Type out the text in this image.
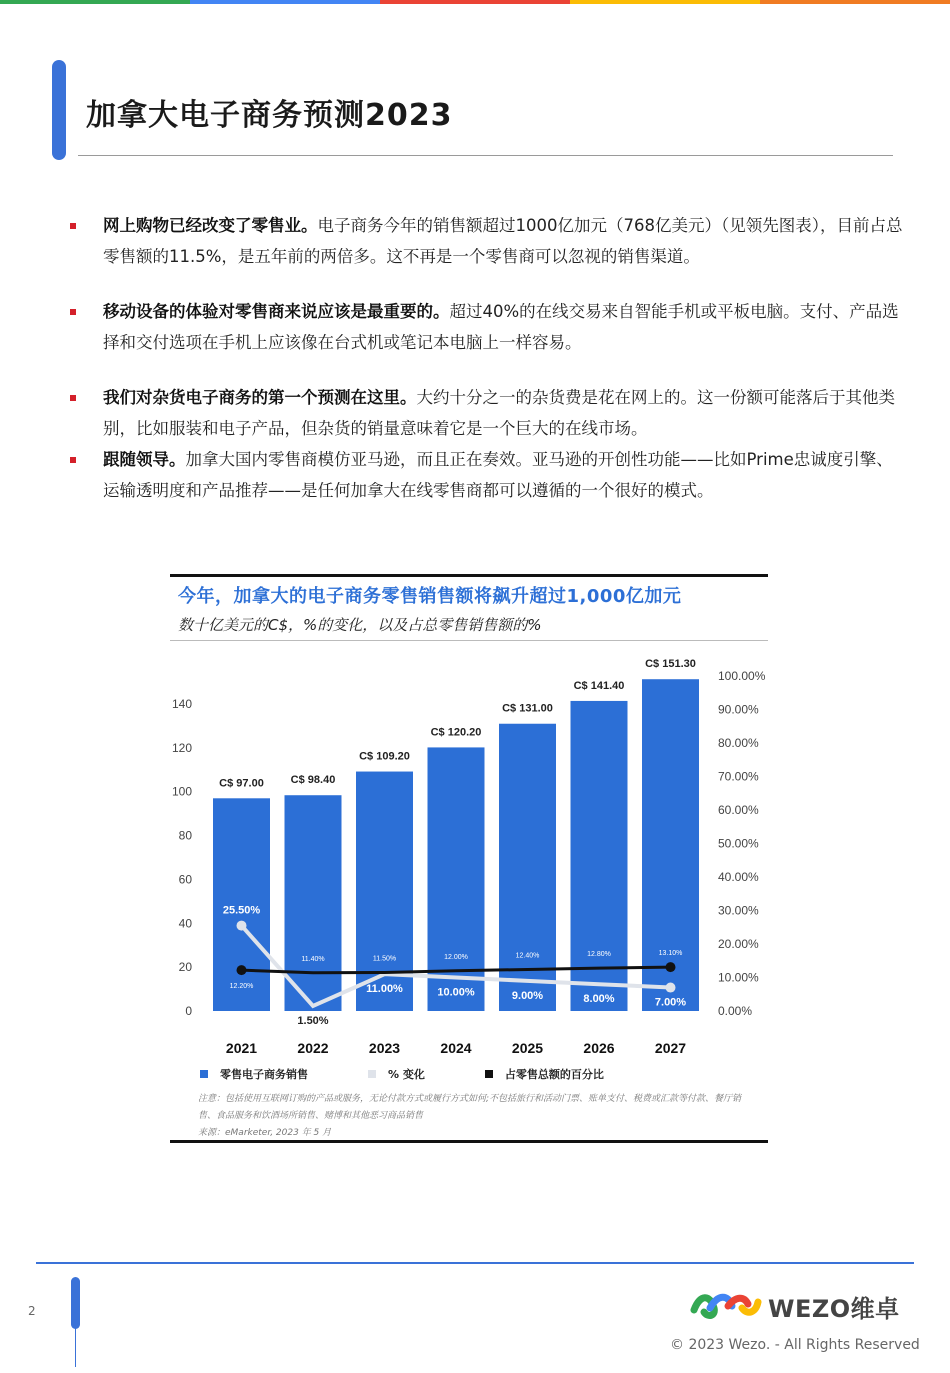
加拿大电子商务预测2023
网上购物已经改变了零售业。电子商务今年的销售额超过1000亿加元（768亿美元）（见领先图表），目前占总零售额的11.5%，是五年前的两倍多。这不再是一个零售商可以忽视的销售渠道。
移动设备的体验对零售商来说应该是最重要的。超过40%的在线交易来自智能手机或平板电脑。支付、产品选择和交付选项在手机上应该像在台式机或笔记本电脑上一样容易。
我们对杂货电子商务的第一个预测在这里。大约十分之一的杂货费是花在网上的。这一份额可能落后于其他类别，比如服装和电子产品，但杂货的销量意味着它是一个巨大的在线市场。
跟随领导。加拿大国内零售商模仿亚马逊，而且正在奏效。亚马逊的开创性功能——比如Prime忠诚度引擎、运输透明度和产品推荐——是任何加拿大在线零售商都可以遵循的一个很好的模式。
今年，加拿大的电子商务零售销售额将飙升超过1,000亿加元
数十亿美元的C$，%的变化，以及占总零售销售额的%
0
20
40
60
80
100
120
140
0.00%
10.00%
20.00%
30.00%
40.00%
50.00%
60.00%
70.00%
80.00%
90.00%
100.00%
C$ 97.00
2021
C$ 98.40
2022
C$ 109.20
2023
C$ 120.20
2024
C$ 131.00
2025
C$ 141.40
2026
C$ 151.30
2027
25.50%
1.50%
11.00%	10.00%	9.00%	8.00%	7.00%
12.20%
11.40%	11.50%	12.00%	12.40%	12.80%	13.10%
零售电子商务销售	% 变化	占零售总额的百分比
注意：包括使用互联网订购的产品或服务，无论付款方式或履行方式如何;不包括旅行和活动门票、账单支付、税费或汇款等付款、餐厅销售、食品服务和饮酒场所销售、赌博和其他恶习商品销售
来源：eMarketer, 2023 年 5 月
2	WEZO维卓
© 2023 Wezo. - All Rights Reserved
